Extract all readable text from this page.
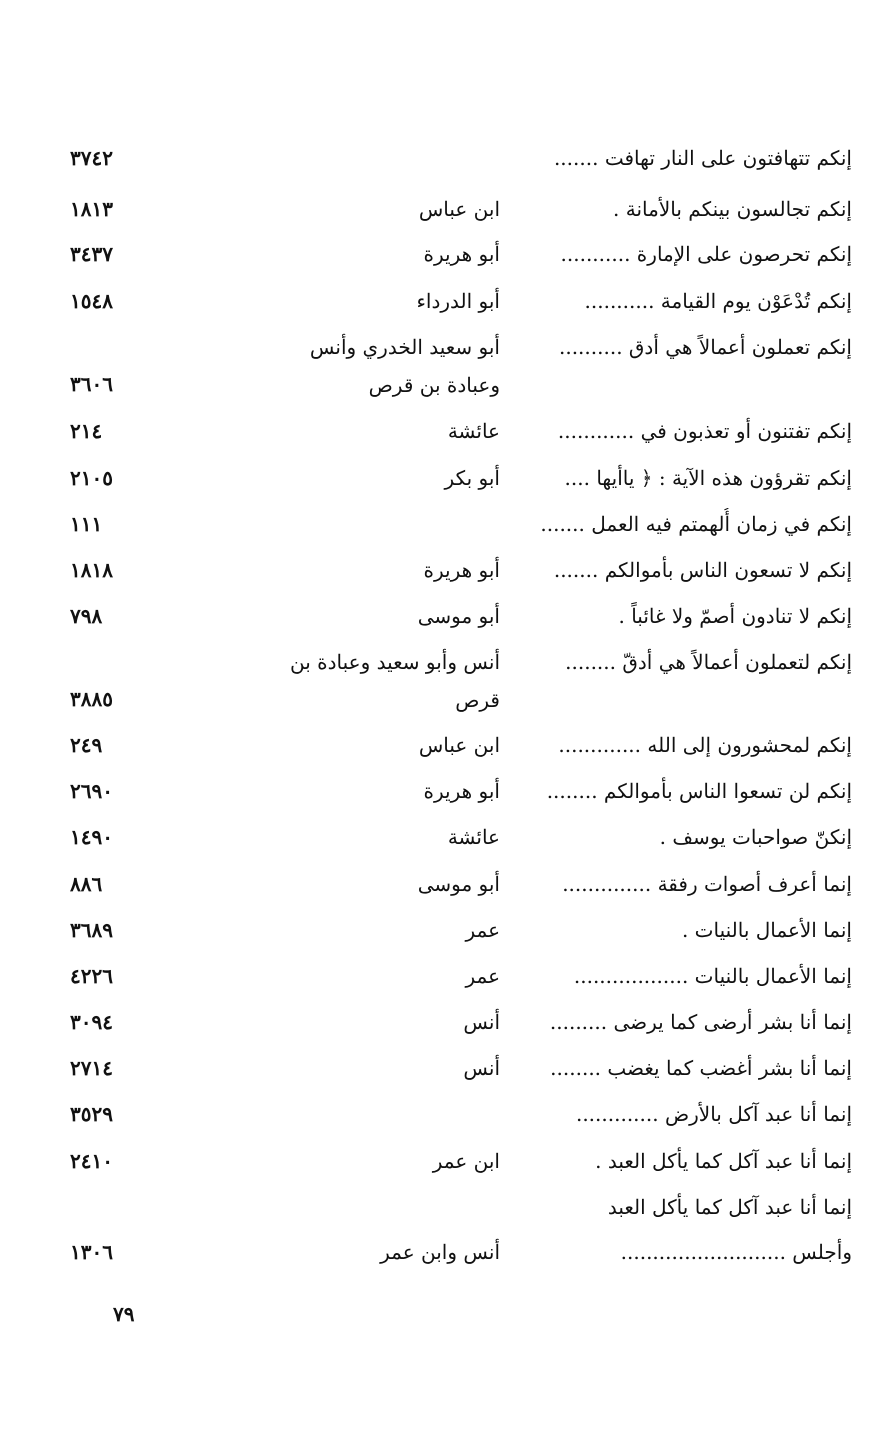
إنكم تتهافتون على النار تهافت .......
٣٧٤٢
إنكم تجالسون بينكم بالأمانة .
ابن عباس
١٨١٣
إنكم تحرصون على الإمارة ...........
أبو هريرة
٣٤٣٧
إنكم تُدْعَوْن يوم القيامة ...........
أبو الدرداء
١٥٤٨
إنكم تعملون أعمالاً هي أدق ..........
أبو سعيد الخدري وأنس وعبادة بن قرص
٣٦٠٦
إنكم تفتنون أو تعذبون في ............
عائشة
٢١٤
إنكم تقرؤون هذه الآية : ﴿ ياأيها ....
أبو بكر
٢١٠٥
إنكم في زمان أُلهمتم فيه العمل .......
١١١
إنكم لا تسعون الناس بأموالكم .......
أبو هريرة
١٨١٨
إنكم لا تنادون أصمّ ولا غائباً .
أبو موسى
٧٩٨
إنكم لتعملون أعمالاً هي أدقّ ........
أنس وأبو سعيد وعبادة بن قرص
٣٨٨٥
إنكم لمحشورون إلى الله .............
ابن عباس
٢٤٩
إنكم لن تسعوا الناس بأموالكم ........
أبو هريرة
٢٦٩٠
إنكنّ صواحبات يوسف .
عائشة
١٤٩٠
إنما أعرف أصوات رفقة ..............
أبو موسى
٨٨٦
إنما الأعمال بالنيات .
عمر
٣٦٨٩
إنما الأعمال بالنيات ..................
عمر
٤٢٢٦
إنما أنا بشر أرضى كما يرضى .........
أنس
٣٠٩٤
إنما أنا بشر أغضب كما يغضب ........
أنس
٢٧١٤
إنما أنا عبد آكل بالأرض .............
٣٥٢٩
إنما أنا عبد آكل كما يأكل العبد .
ابن عمر
٢٤١٠
إنما أنا عبد آكل كما يأكل العبد
وأجلس ..........................
أنس وابن عمر
١٣٠٦
٧٩
